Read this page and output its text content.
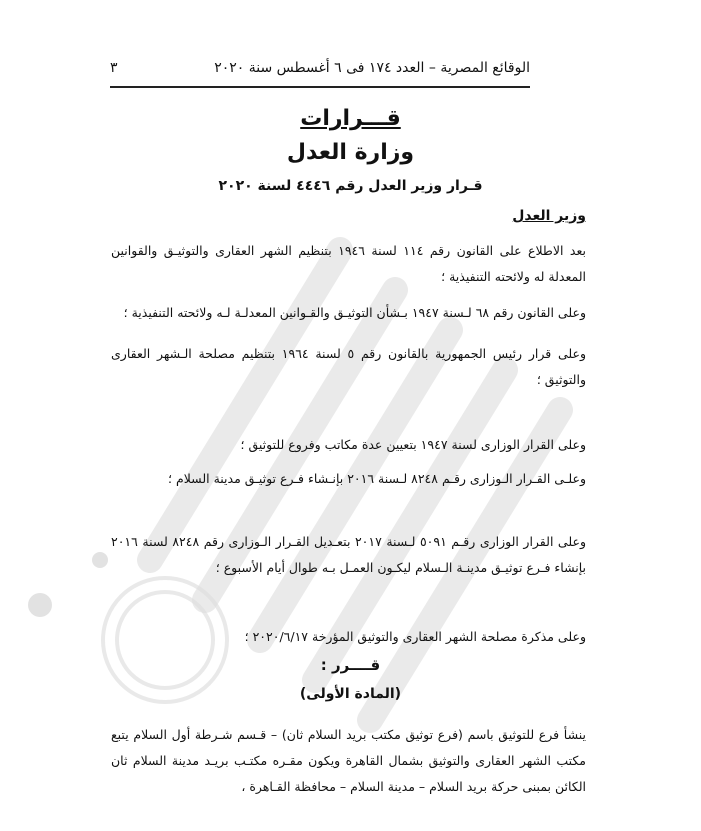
الوقائع المصرية – العدد ١٧٤ فى ٦ أغسطس سنة ٢٠٢٠
٣
قـــرارات
وزارة العدل
قـرار وزير العدل رقم ٤٤٤٦ لسنة ٢٠٢٠
وزير العدل

بعد الاطلاع على القانون رقم ١١٤ لسنة ١٩٤٦ بتنظيم الشهر العقارى والتوثيـق والقوانين المعدلة له ولائحته التنفيذية ؛

وعلى القانون رقم ٦٨ لـسنة ١٩٤٧ بـشأن التوثيـق والقـوانين المعدلـة لـه ولائحته التنفيذية ؛

وعلى قرار رئيس الجمهورية بالقانون رقم ٥ لسنة ١٩٦٤ بتنظيم مصلحة الـشهر العقارى والتوثيق ؛

وعلى القرار الوزارى لسنة ١٩٤٧ بتعيين عدة مكاتب وفروع للتوثيق ؛

وعلـى القـرار الـوزارى رقـم ٨٢٤٨ لـسنة ٢٠١٦ بإنـشاء فـرع توثيـق مدينة السلام ؛

وعلى القرار الوزارى رقـم ٥٠٩١ لـسنة ٢٠١٧ بتعـديل القـرار الـوزارى رقم ٨٢٤٨ لسنة ٢٠١٦ بإنشاء فـرع توثيـق مدينـة الـسلام ليكـون العمـل بـه طوال أيام الأسبوع ؛

وعلى مذكرة مصلحة الشهر العقارى والتوثيق المؤرخة ٢٠٢٠/٦/١٧ ؛

قــــرر :
(المادة الأولى)

ينشأ فرع للتوثيق باسم (فرع توثيق مكتب بريد السلام ثان) – قـسم شـرطة أول السلام يتبع مكتب الشهر العقارى والتوثيق بشمال القاهرة ويكون مقـره مكتـب بريـد مدينة السلام ثان الكائن بمبنى حركة بريد السلام – مدينة السلام – محافظة القـاهرة ،
